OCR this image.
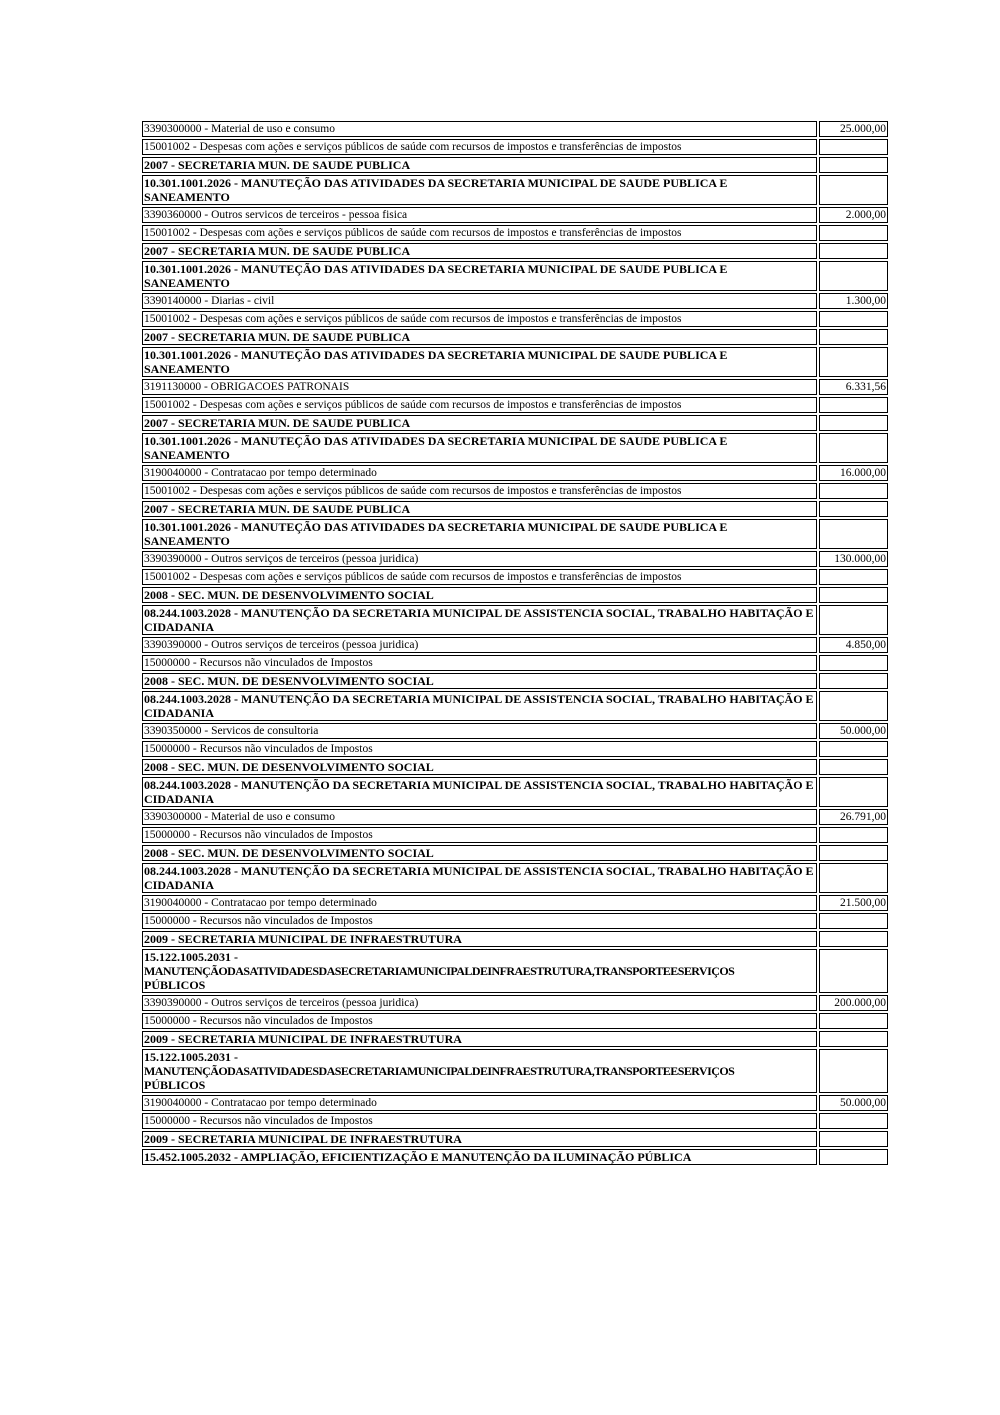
3390300000 - Material de uso e consumo	25.000,00
15001002 - Despesas com ações e serviços públicos de saúde com recursos de impostos e transferências de impostos	
2007 - SECRETARIA MUN. DE SAUDE PUBLICA	
10.301.1001.2026 - MANUTEÇÃO DAS ATIVIDADES DA SECRETARIA MUNICIPAL DE SAUDE PUBLICA E SANEAMENTO	
3390360000 - Outros servicos de terceiros - pessoa fisica	2.000,00
15001002 - Despesas com ações e serviços públicos de saúde com recursos de impostos e transferências de impostos	
2007 - SECRETARIA MUN. DE SAUDE PUBLICA	
10.301.1001.2026 - MANUTEÇÃO DAS ATIVIDADES DA SECRETARIA MUNICIPAL DE SAUDE PUBLICA E SANEAMENTO	
3390140000 - Diarias - civil	1.300,00
15001002 - Despesas com ações e serviços públicos de saúde com recursos de impostos e transferências de impostos	
2007 - SECRETARIA MUN. DE SAUDE PUBLICA	
10.301.1001.2026 - MANUTEÇÃO DAS ATIVIDADES DA SECRETARIA MUNICIPAL DE SAUDE PUBLICA E SANEAMENTO	
3191130000 - OBRIGACOES PATRONAIS	6.331,56
15001002 - Despesas com ações e serviços públicos de saúde com recursos de impostos e transferências de impostos	
2007 - SECRETARIA MUN. DE SAUDE PUBLICA	
10.301.1001.2026 - MANUTEÇÃO DAS ATIVIDADES DA SECRETARIA MUNICIPAL DE SAUDE PUBLICA E SANEAMENTO	
3190040000 - Contratacao por tempo determinado	16.000,00
15001002 - Despesas com ações e serviços públicos de saúde com recursos de impostos e transferências de impostos	
2007 - SECRETARIA MUN. DE SAUDE PUBLICA	
10.301.1001.2026 - MANUTEÇÃO DAS ATIVIDADES DA SECRETARIA MUNICIPAL DE SAUDE PUBLICA E SANEAMENTO	
3390390000 - Outros serviços de terceiros (pessoa juridica)	130.000,00
15001002 - Despesas com ações e serviços públicos de saúde com recursos de impostos e transferências de impostos	
2008 - SEC. MUN. DE DESENVOLVIMENTO SOCIAL	
08.244.1003.2028 - MANUTENÇÃO DA SECRETARIA MUNICIPAL DE ASSISTENCIA SOCIAL, TRABALHO HABITAÇÃO E CIDADANIA	
3390390000 - Outros serviços de terceiros (pessoa juridica)	4.850,00
15000000 - Recursos não vinculados de Impostos	
2008 - SEC. MUN. DE DESENVOLVIMENTO SOCIAL	
08.244.1003.2028 - MANUTENÇÃO DA SECRETARIA MUNICIPAL DE ASSISTENCIA SOCIAL, TRABALHO HABITAÇÃO E CIDADANIA	
3390350000 - Servicos de consultoria	50.000,00
15000000 - Recursos não vinculados de Impostos	
2008 - SEC. MUN. DE DESENVOLVIMENTO SOCIAL	
08.244.1003.2028 - MANUTENÇÃO DA SECRETARIA MUNICIPAL DE ASSISTENCIA SOCIAL, TRABALHO HABITAÇÃO E CIDADANIA	
3390300000 - Material de uso e consumo	26.791,00
15000000 - Recursos não vinculados de Impostos	
2008 - SEC. MUN. DE DESENVOLVIMENTO SOCIAL	
08.244.1003.2028 - MANUTENÇÃO DA SECRETARIA MUNICIPAL DE ASSISTENCIA SOCIAL, TRABALHO HABITAÇÃO E CIDADANIA	
3190040000 - Contratacao por tempo determinado	21.500,00
15000000 - Recursos não vinculados de Impostos	
2009 - SECRETARIA MUNICIPAL DE INFRAESTRUTURA	
15.122.1005.2031 -
MANUTENÇÃODASATIVIDADESDASECRETARIAMUNICIPALDEINFRAESTRUTURA,TRANSPORTEESERVIÇOS
PÚBLICOS	
3390390000 - Outros serviços de terceiros (pessoa juridica)	200.000,00
15000000 - Recursos não vinculados de Impostos	
2009 - SECRETARIA MUNICIPAL DE INFRAESTRUTURA	
15.122.1005.2031 -
MANUTENÇÃODASATIVIDADESDASECRETARIAMUNICIPALDEINFRAESTRUTURA,TRANSPORTEESERVIÇOS
PÚBLICOS	
3190040000 - Contratacao por tempo determinado	50.000,00
15000000 - Recursos não vinculados de Impostos	
2009 - SECRETARIA MUNICIPAL DE INFRAESTRUTURA	
15.452.1005.2032 - AMPLIAÇÃO, EFICIENTIZAÇÃO E MANUTENÇÃO DA ILUMINAÇÃO PÚBLICA	
